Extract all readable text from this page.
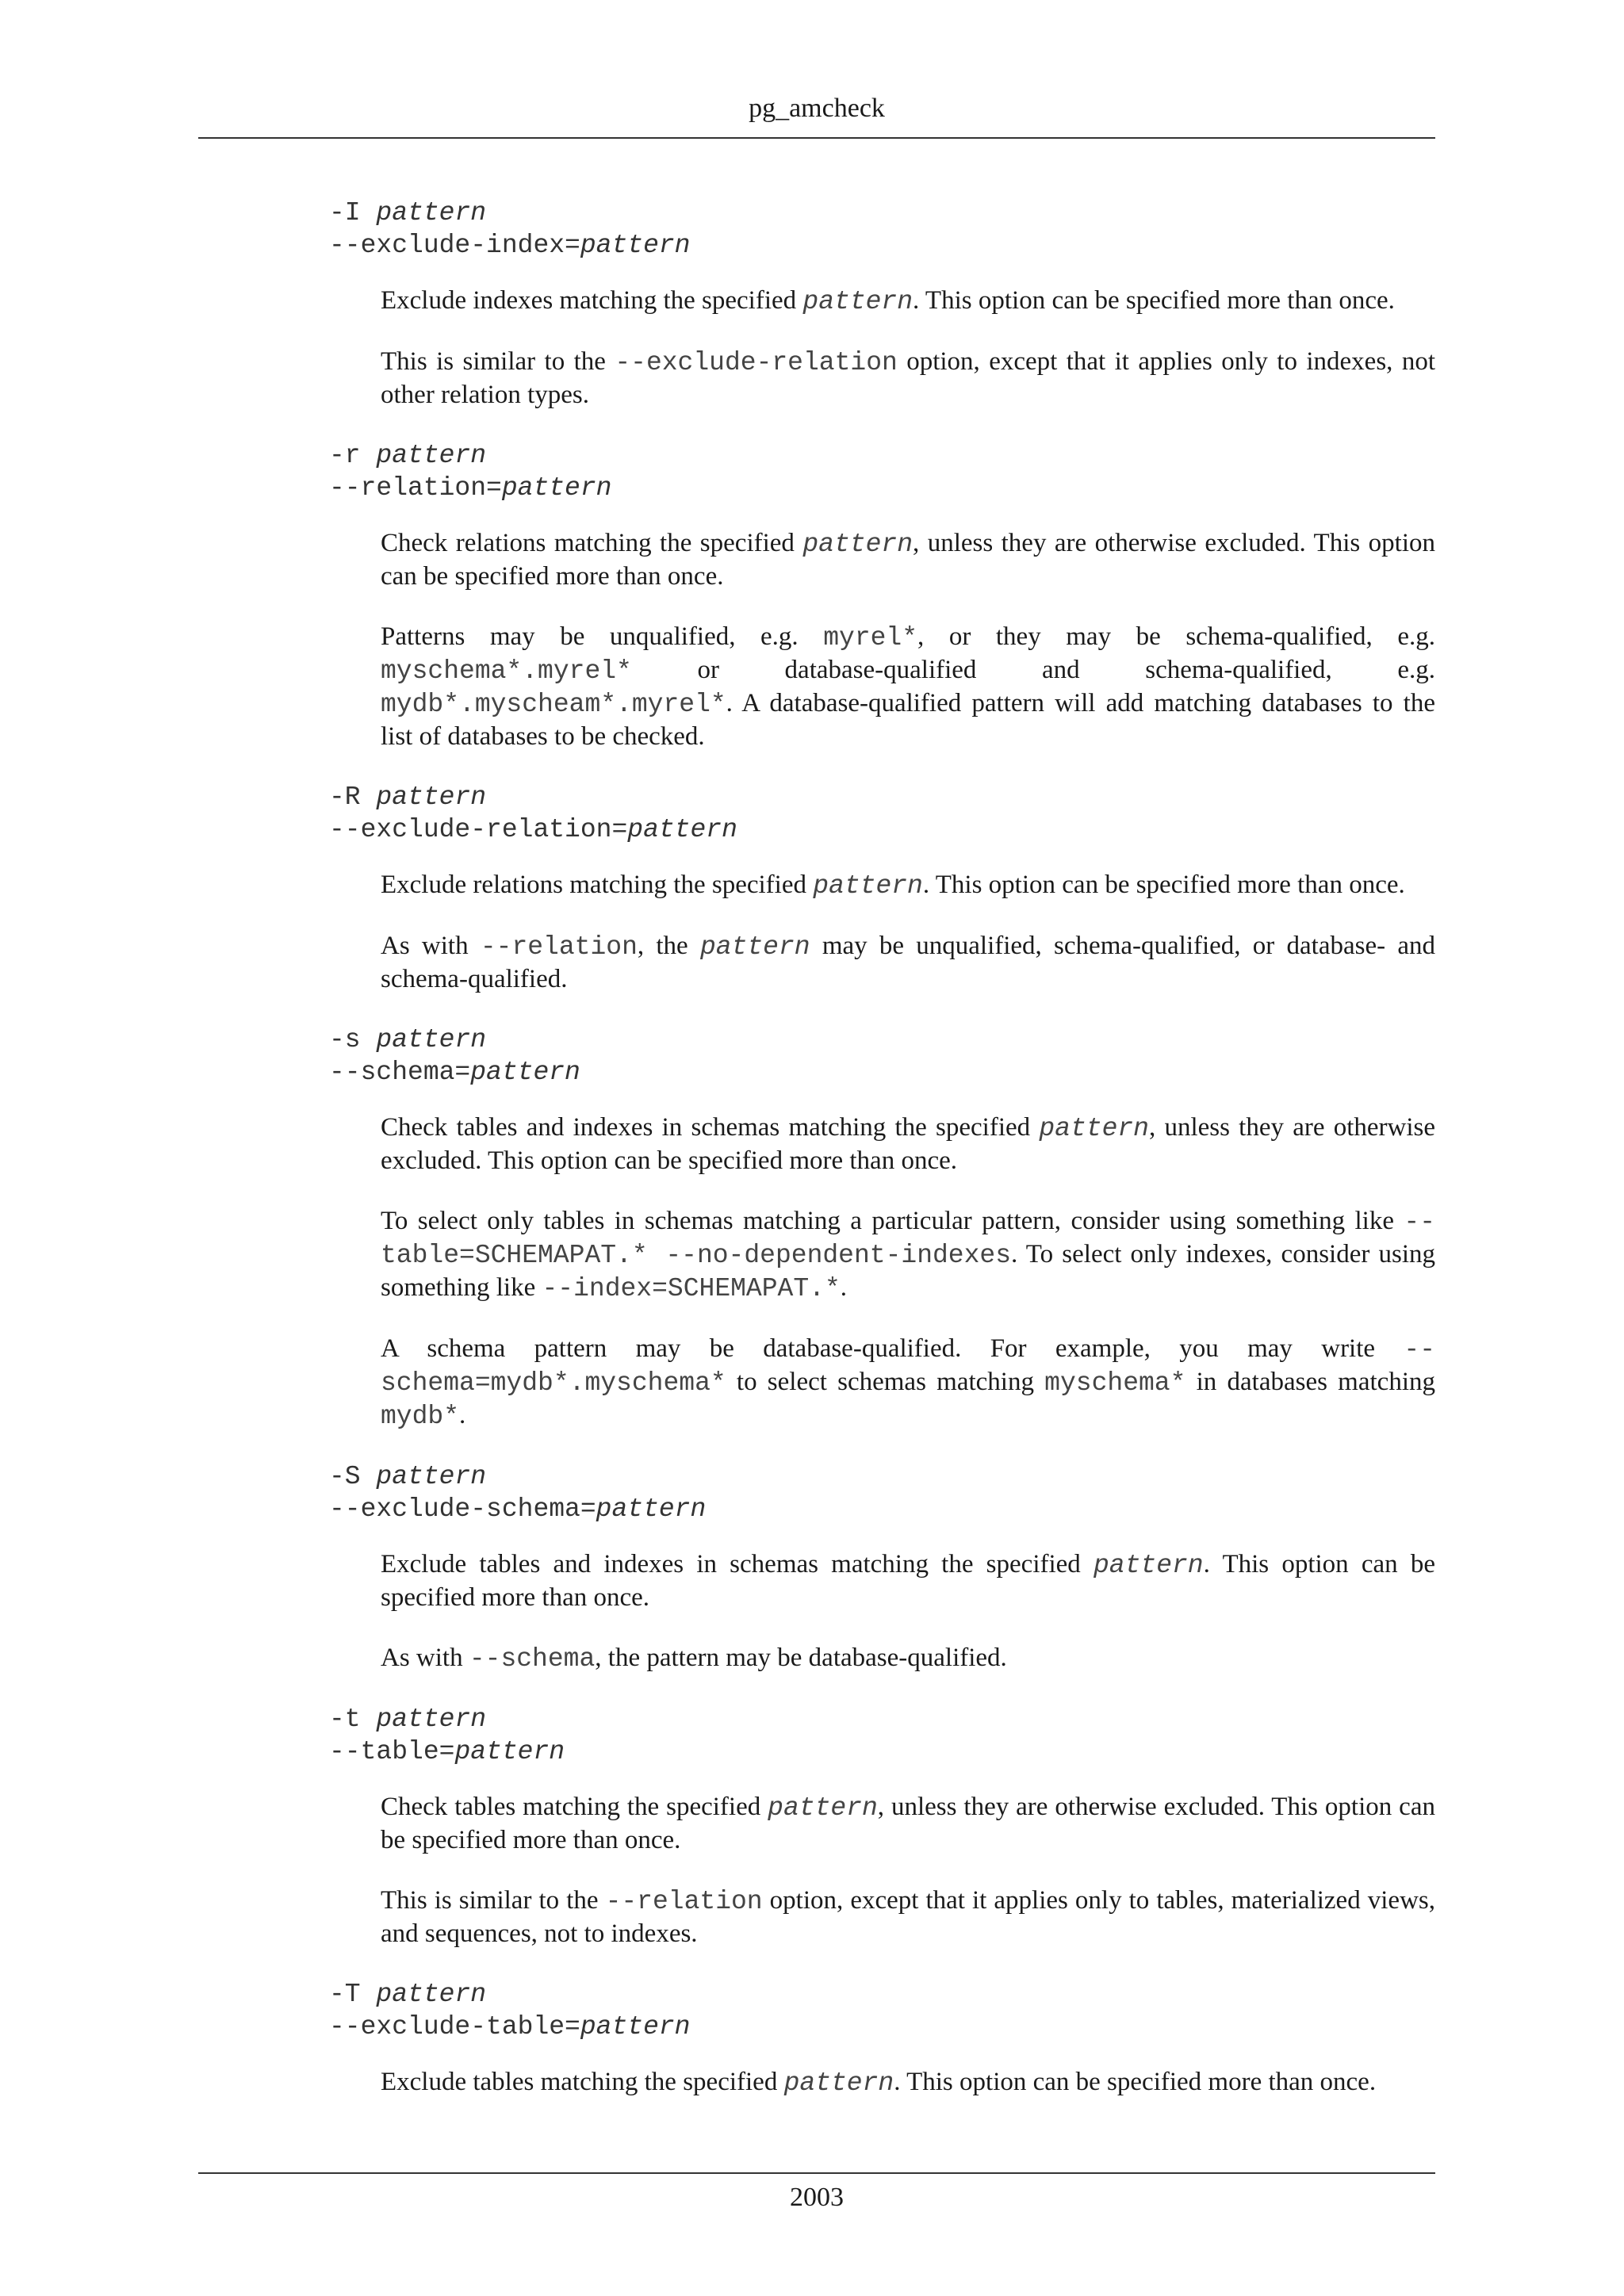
pg_amcheck

-I pattern

--exclude-index=pattern

Exclude indexes matching the specified pattern. This option can be specified more than once.

This is similar to the --exclude-relation option, except that it applies only to indexes, not other relation types.

-r pattern

--relation=pattern

Check relations matching the specified pattern, unless they are otherwise excluded. This option can be specified more than once.

Patterns may be unqualified, e.g. myrel*, or they may be schema-qualified, e.g. myschema*.myrel* or database-qualified and schema-qualified, e.g. mydb*.myscheam*.myrel*. A database-qualified pattern will add matching databases to the list of databases to be checked.

-R pattern

--exclude-relation=pattern

Exclude relations matching the specified pattern. This option can be specified more than once.

As with --relation, the pattern may be unqualified, schema-qualified, or database- and schema-qualified.

-s pattern

--schema=pattern

Check tables and indexes in schemas matching the specified pattern, unless they are otherwise excluded. This option can be specified more than once.

To select only tables in schemas matching a particular pattern, consider using something like --table=SCHEMAPAT.* --no-dependent-indexes. To select only indexes, consider using something like --index=SCHEMAPAT.*.

A schema pattern may be database-qualified. For example, you may write --schema=mydb*.myschema* to select schemas matching myschema* in databases matching mydb*.

-S pattern

--exclude-schema=pattern

Exclude tables and indexes in schemas matching the specified pattern. This option can be specified more than once.

As with --schema, the pattern may be database-qualified.

-t pattern

--table=pattern

Check tables matching the specified pattern, unless they are otherwise excluded. This option can be specified more than once.

This is similar to the --relation option, except that it applies only to tables, materialized views, and sequences, not to indexes.

-T pattern

--exclude-table=pattern

Exclude tables matching the specified pattern. This option can be specified more than once.

2003
